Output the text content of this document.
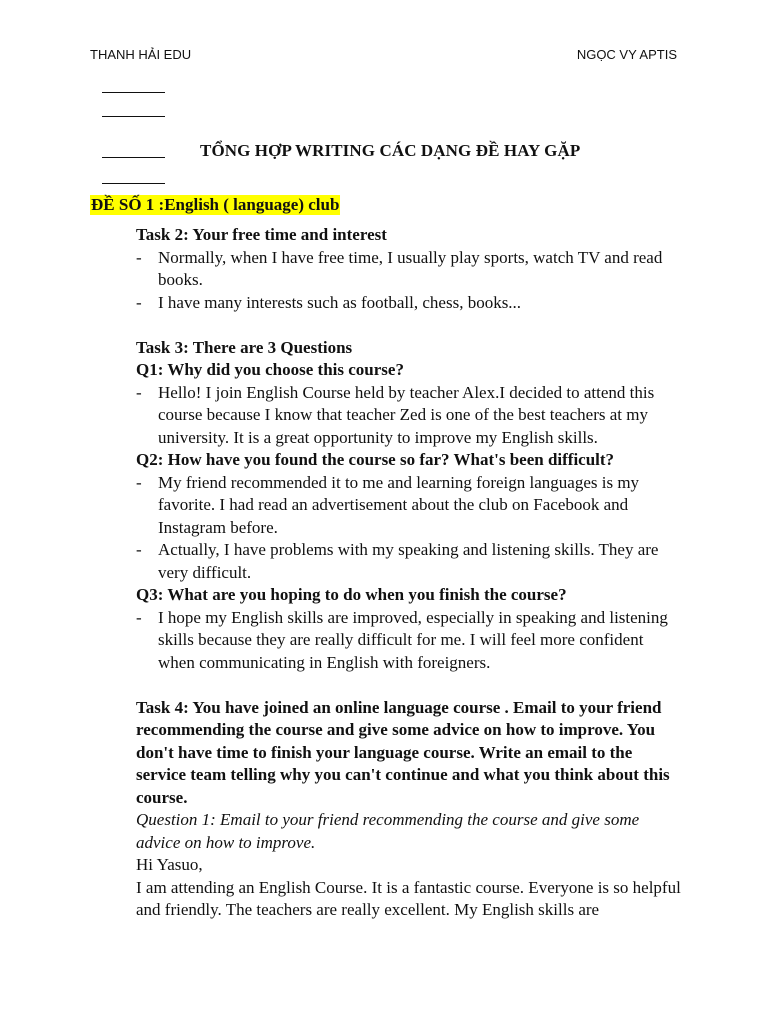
THANH HẢI EDU	NGỌC VY APTIS
TỔNG HỢP WRITING CÁC DẠNG ĐỀ HAY GẶP
ĐỀ SỐ 1 :English ( language) club

Task 2: Your free time and interest

- Normally, when I have free time, I usually play sports, watch TV and read books.

- I have many interests such as football, chess, books...

Task 3: There are 3 Questions

Q1: Why did you choose this course?

- Hello! I join English Course held by teacher Alex.I decided to attend this course because I know that teacher Zed is one of the best teachers at my university. It is a great opportunity to improve my English skills.

Q2: How have you found the course so far? What's been difficult?

- My friend recommended it to me and learning foreign languages is my favorite. I had read an advertisement about the club on Facebook and Instagram before.

- Actually, I have problems with my speaking and listening skills. They are very difficult.

Q3: What are you hoping to do when you finish the course?

- I hope my English skills are improved, especially in speaking and listening skills because they are really difficult for me. I will feel more confident when communicating in English with foreigners.

Task 4: You have joined an online language course . Email to your friend recommending the course and give some advice on how to improve. You don't have time to finish your language course. Write an email to the service team telling why you can't continue and what you think about this course.

Question 1: Email to your friend recommending the course and give some advice on how to improve.

Hi Yasuo,

I am attending an English Course. It is a fantastic course. Everyone is so helpful and friendly. The teachers are really excellent. My English skills are
